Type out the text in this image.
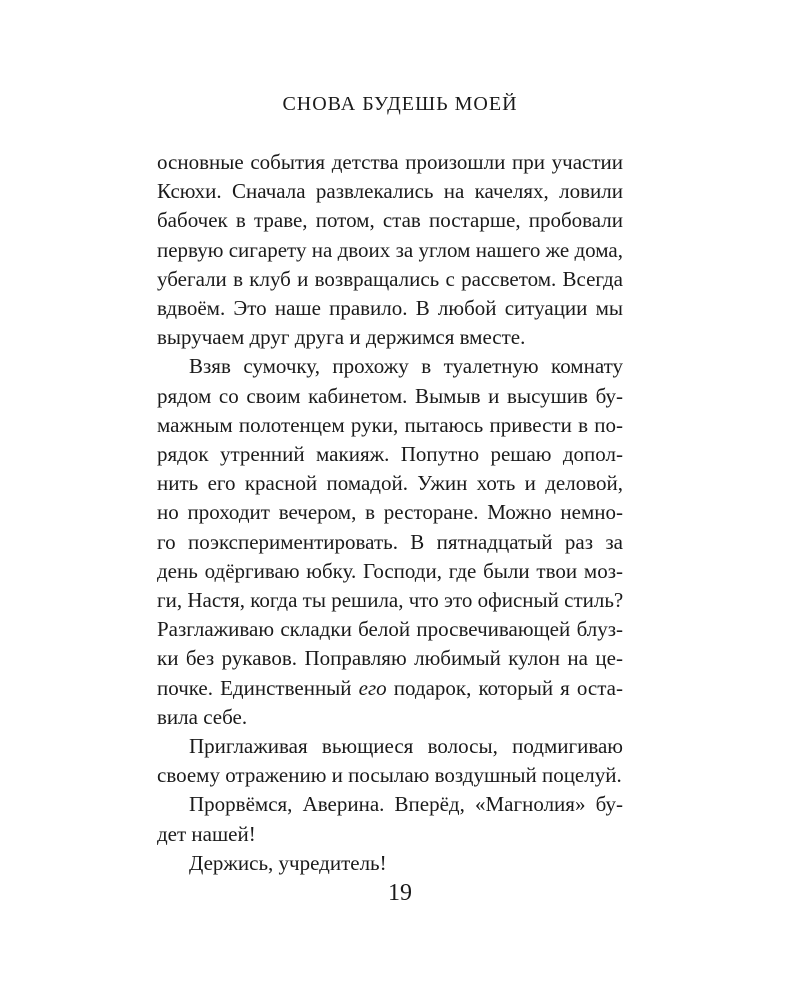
СНОВА БУДЕШЬ МОЕЙ

основные события детства произошли при участии
Ксюхи. Сначала развлекались на качелях, ловили
бабочек в траве, потом, став постарше, пробовали
первую сигарету на двоих за углом нашего же дома,
убегали в клуб и возвращались с рассветом. Всегда
вдвоём. Это наше правило. В любой ситуации мы
выручаем друг друга и держимся вместе.

Взяв сумочку, прохожу в туалетную комнату
рядом со своим кабинетом. Вымыв и высушив бу-
мажным полотенцем руки, пытаюсь привести в по-
рядок утренний макияж. Попутно решаю допол-
нить его красной помадой. Ужин хоть и деловой,
но проходит вечером, в ресторане. Можно немно-
го поэкспериментировать. В пятнадцатый раз за
день одёргиваю юбку. Господи, где были твои моз-
ги, Настя, когда ты решила, что это офисный стиль?
Разглаживаю складки белой просвечивающей блуз-
ки без рукавов. Поправляю любимый кулон на це-
почке. Единственный его подарок, который я оста-
вила себе.

Приглаживая вьющиеся волосы, подмигиваю
своему отражению и посылаю воздушный поцелуй.

Прорвёмся, Аверина. Вперёд, «Магнолия» бу-
дет нашей!

Держись, учредитель!

19
